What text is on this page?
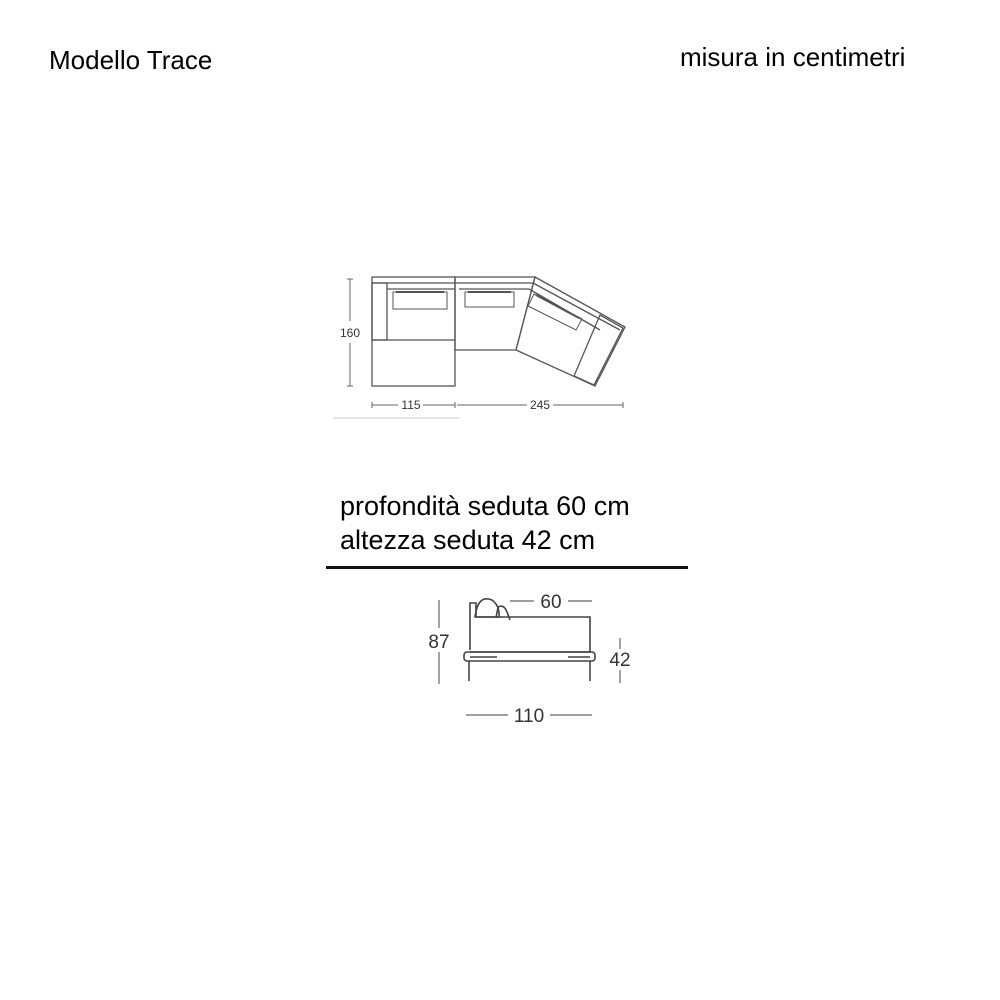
Modello Trace	misura in centimetri
160
115	245
profondità seduta 60 cm
altezza seduta 42 cm
87
60
42
110
